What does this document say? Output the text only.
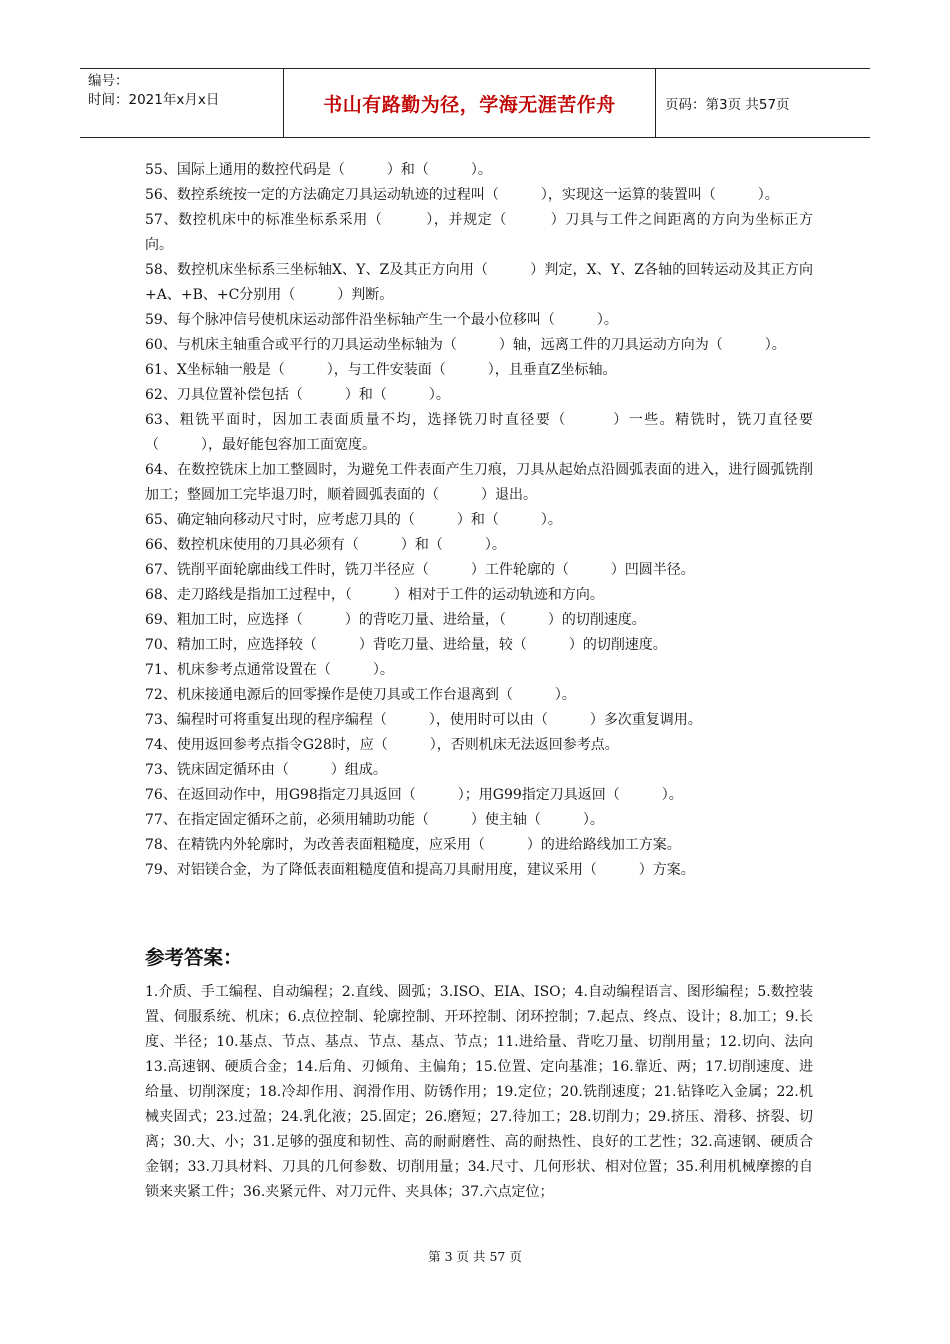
编号：
时间：2021年x月x日	书山有路勤为径，学海无涯苦作舟	页码：第3页 共57页

55、国际上通用的数控代码是（　　　）和（　　　）。

56、数控系统按一定的方法确定刀具运动轨迹的过程叫（　　　），实现这一运算的装置叫（　　　）。

57、数控机床中的标准坐标系采用（　　　），并规定（　　　）刀具与工件之间距离的方向为坐标正方向。

58、数控机床坐标系三坐标轴X、Y、Z及其正方向用（　　　）判定，X、Y、Z各轴的回转运动及其正方向+A、+B、+C分别用（　　　）判断。

59、每个脉冲信号使机床运动部件沿坐标轴产生一个最小位移叫（　　　）。

60、与机床主轴重合或平行的刀具运动坐标轴为（　　　）轴，远离工件的刀具运动方向为（　　　）。

61、X坐标轴一般是（　　　），与工件安装面（　　　），且垂直Z坐标轴。

62、刀具位置补偿包括（　　　）和（　　　）。

63、粗铣平面时，因加工表面质量不均，选择铣刀时直径要（　　　）一些。精铣时，铣刀直径要（　　　），最好能包容加工面宽度。

64、在数控铣床上加工整圆时，为避免工件表面产生刀痕，刀具从起始点沿圆弧表面的进入，进行圆弧铣削加工；整圆加工完毕退刀时，顺着圆弧表面的（　　　）退出。

65、确定轴向移动尺寸时，应考虑刀具的（　　　）和（　　　）。

66、数控机床使用的刀具必须有（　　　）和（　　　）。

67、铣削平面轮廓曲线工件时，铣刀半径应（　　　）工件轮廓的（　　　）凹圆半径。

68、走刀路线是指加工过程中，（　　　）相对于工件的运动轨迹和方向。

69、粗加工时，应选择（　　　）的背吃刀量、进给量，（　　　）的切削速度。

70、精加工时，应选择较（　　　）背吃刀量、进给量，较（　　　）的切削速度。

71、机床参考点通常设置在（　　　）。

72、机床接通电源后的回零操作是使刀具或工作台退离到（　　　）。

73、编程时可将重复出现的程序编程（　　　），使用时可以由（　　　）多次重复调用。

74、使用返回参考点指令G28时，应（　　　），否则机床无法返回参考点。

73、铣床固定循环由（　　　）组成。

76、在返回动作中，用G98指定刀具返回（　　　）；用G99指定刀具返回（　　　）。

77、在指定固定循环之前，必须用辅助功能（　　　）使主轴（　　　）。

78、在精铣内外轮廓时，为改善表面粗糙度，应采用（　　　）的进给路线加工方案。

79、对铝镁合金，为了降低表面粗糙度值和提高刀具耐用度，建议采用（　　　）方案。

参考答案：

1.介质、手工编程、自动编程；2.直线、圆弧；3.ISO、EIA、ISO；4.自动编程语言、图形编程；5.数控装置、伺服系统、机床；6.点位控制、轮廓控制、开环控制、闭环控制；7.起点、终点、设计；8.加工；9.长度、半径；10.基点、节点、基点、节点、基点、节点；11.进给量、背吃刀量、切削用量；12.切向、法向 13.高速钢、硬质合金；14.后角、刃倾角、主偏角；15.位置、定向基准；16.靠近、两；17.切削速度、进给量、切削深度；18.冷却作用、润滑作用、防锈作用；19.定位；20.铣削速度；21.钻锋吃入金属；22.机械夹固式；23.过盈；24.乳化液；25.固定；26.磨短；27.待加工；28.切削力；29.挤压、滑移、挤裂、切离；30.大、小；31.足够的强度和韧性、高的耐耐磨性、高的耐热性、良好的工艺性；32.高速钢、硬质合金钢；33.刀具材料、刀具的几何参数、切削用量；34.尺寸、几何形状、相对位置；35.利用机械摩擦的自锁来夹紧工件；36.夹紧元件、对刀元件、夹具体；37.六点定位；

第 3 页 共 57 页
